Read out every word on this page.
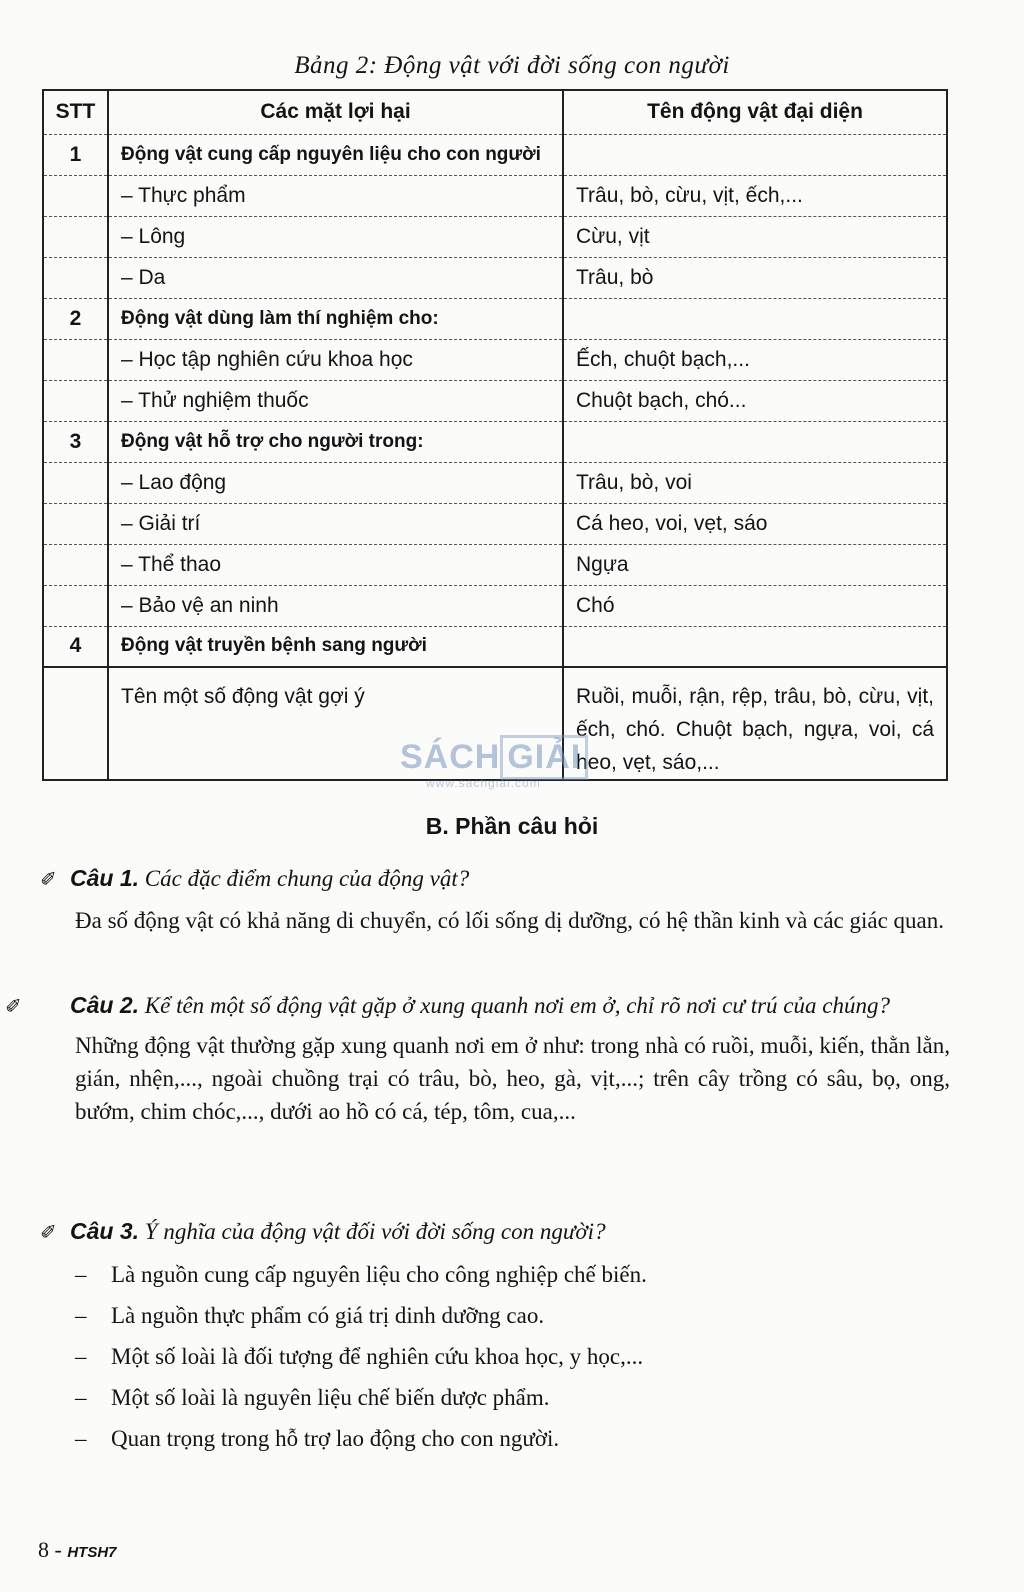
Bảng 2: Động vật với đời sống con người
STT	Các mặt lợi hại	Tên động vật đại diện
1	Động vật cung cấp nguyên liệu cho con người	
	– Thực phẩm	Trâu, bò, cừu, vịt, ếch,...
	– Lông	Cừu, vịt
	– Da	Trâu, bò
2	Động vật dùng làm thí nghiệm cho:	
	– Học tập nghiên cứu khoa học	Ếch, chuột bạch,...
	– Thử nghiệm thuốc	Chuột bạch, chó...
3	Động vật hỗ trợ cho người trong:	
	– Lao động	Trâu, bò, voi
	– Giải trí	Cá heo, voi, vẹt, sáo
	– Thể thao	Ngựa
	– Bảo vệ an ninh	Chó
4	Động vật truyền bệnh sang người	
	Tên một số động vật gợi ý	Ruồi, muỗi, rận, rệp, trâu, bò, cừu, vịt, ếch, chó. Chuột bạch, ngựa, voi, cá heo, vẹt, sáo,...
SÁCH GIẢI
www.sachgiai.com
B. Phần câu hỏi
✐ Câu 1. Các đặc điểm chung của động vật?
Đa số động vật có khả năng di chuyển, có lối sống dị dưỡng, có hệ thần kinh và các giác quan.
✐ Câu 2. Kể tên một số động vật gặp ở xung quanh nơi em ở, chỉ rõ nơi cư trú của chúng?
Những động vật thường gặp xung quanh nơi em ở như: trong nhà có ruồi, muỗi, kiến, thằn lằn, gián, nhện,..., ngoài chuồng trại có trâu, bò, heo, gà, vịt,...; trên cây trồng có sâu, bọ, ong, bướm, chim chóc,..., dưới ao hồ có cá, tép, tôm, cua,...
✐ Câu 3. Ý nghĩa của động vật đối với đời sống con người?
– Là nguồn cung cấp nguyên liệu cho công nghiệp chế biến.
– Là nguồn thực phẩm có giá trị dinh dưỡng cao.
– Một số loài là đối tượng để nghiên cứu khoa học, y học,...
– Một số loài là nguyên liệu chế biến dược phẩm.
– Quan trọng trong hỗ trợ lao động cho con người.
8 - HTSH7
